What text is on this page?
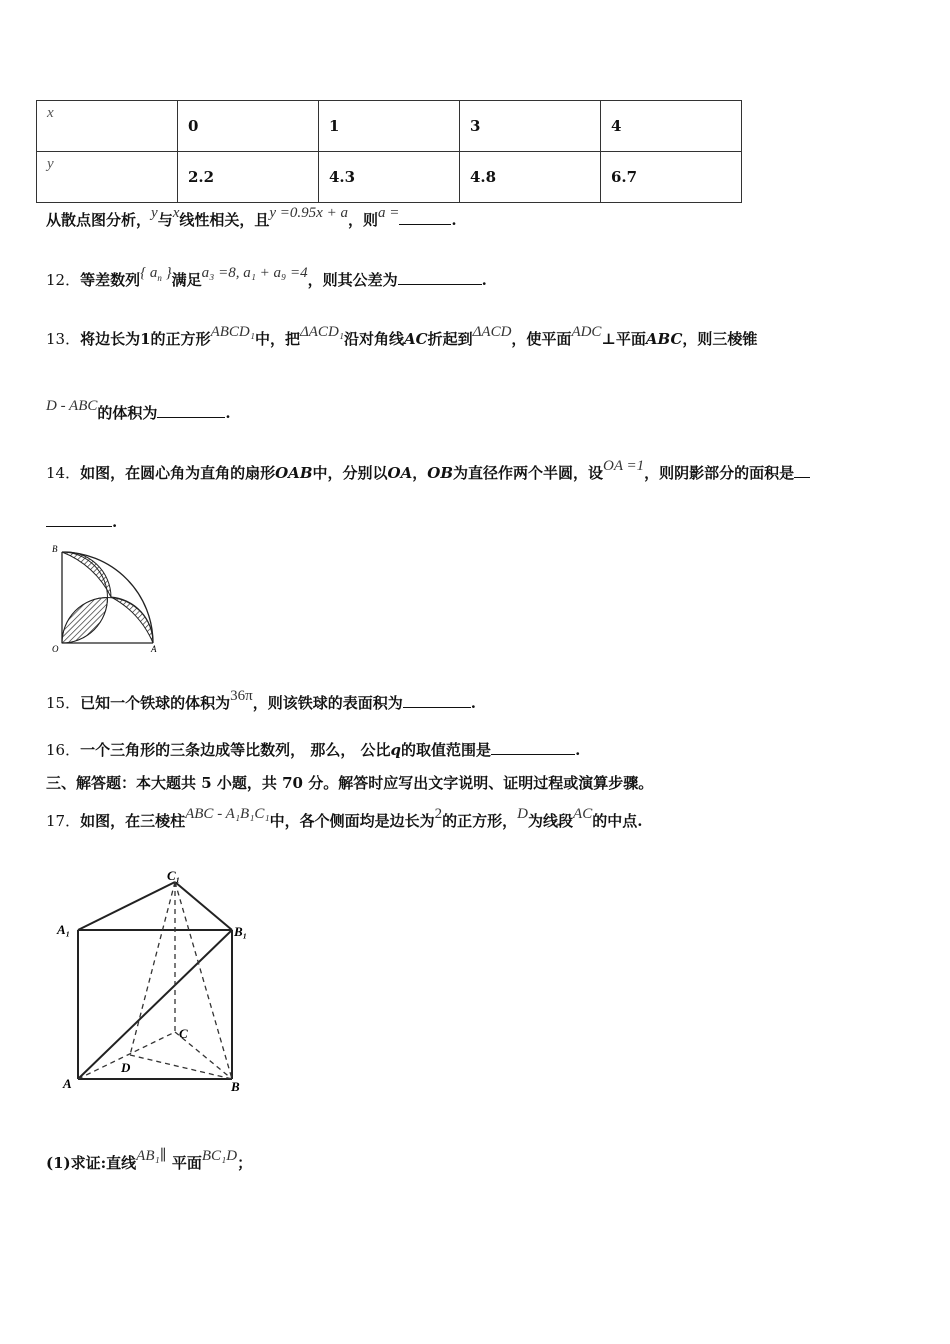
x	0	1	3	4
y	2.2	4.3	4.8	6.7
从散点图分析，y与x线性相关，且y =0.95x + a，则a =	.
12．等差数列{ $a_n$ }满足a₃ =8, a₁ + a₉ =4，则其公差为	.
13．将边长为1的正方形ABCD₁中，把ΔACD₁沿对角线AC折起到ΔACD，使平面ADC⊥平面ABC，则三棱锥
D - ABC的体积为	.
14．如图，在圆心角为直角的扇形OAB中，分别以OA，OB为直径作两个半圆，设OA =1，则阴影部分的面积是
.
B
O	A
15．已知一个铁球的体积为36π，则该铁球的表面积为	.
16．一个三角形的三条边成等比数列， 那么， 公比q的取值范围是	.
三、解答题：本大题共 5 小题，共 70 分。解答时应写出文字说明、证明过程或演算步骤。
17．如图，在三棱柱ABC - A₁B₁C₁中，各个侧面均是边长为2的正方形，D为线段AC的中点.
C₁
A₁	B₁
C
D
A	B
(1)求证:直线AB₁∥ 平面BC₁D；
